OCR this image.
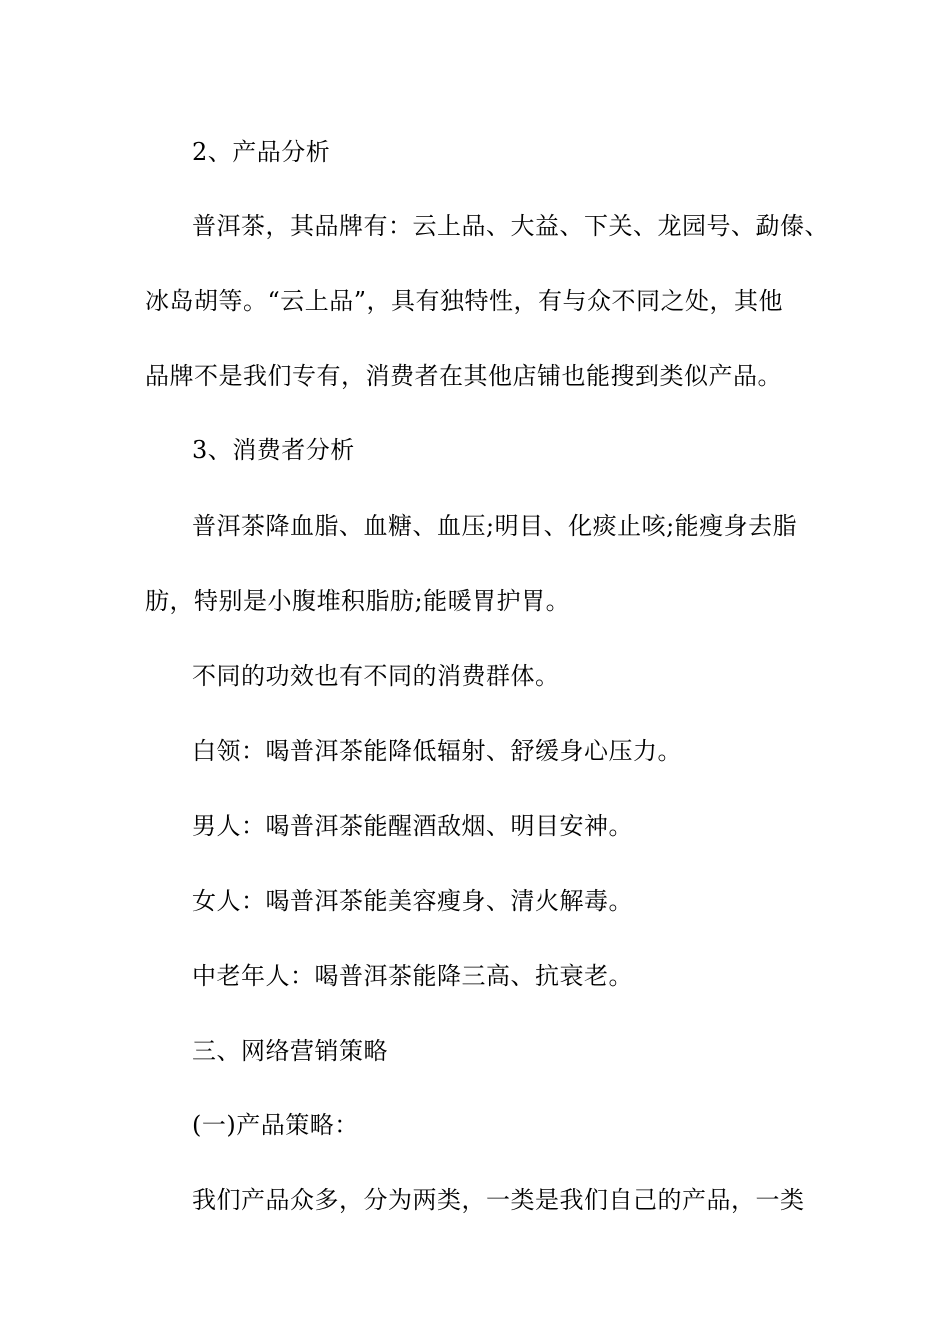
2、产品分析
普洱茶，其品牌有：云上品、大益、下关、龙园号、勐傣、
冰岛胡等。“云上品”，具有独特性，有与众不同之处，其他
品牌不是我们专有，消费者在其他店铺也能搜到类似产品。
3、消费者分析
普洱茶降血脂、血糖、血压;明目、化痰止咳;能瘦身去脂
肪，特别是小腹堆积脂肪;能暖胃护胃。
不同的功效也有不同的消费群体。
白领：喝普洱茶能降低辐射、舒缓身心压力。
男人：喝普洱茶能醒酒敌烟、明目安神。
女人：喝普洱茶能美容瘦身、清火解毒。
中老年人：喝普洱茶能降三高、抗衰老。
三、网络营销策略
(一)产品策略：
我们产品众多，分为两类，一类是我们自己的产品，一类
